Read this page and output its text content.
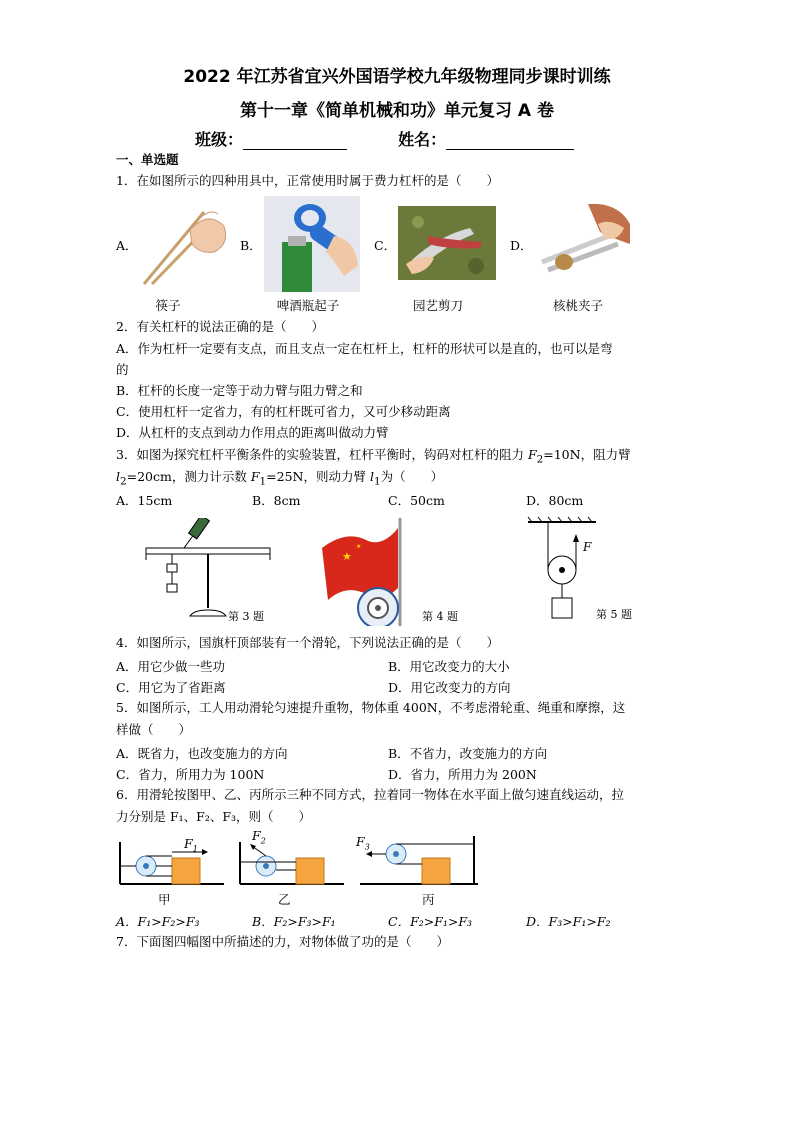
2022 年江苏省宜兴外国语学校九年级物理同步课时训练
第十一章《简单机械和功》单元复习 A 卷
班级：	姓名：
一、单选题
1．在如图所示的四种用具中，正常使用时属于费力杠杆的是（　　）
A．
筷子
B．
啤酒瓶起子
C．
园艺剪刀
D．
核桃夹子
2．有关杠杆的说法正确的是（　　）
A．作为杠杆一定要有支点，而且支点一定在杠杆上，杠杆的形状可以是直的，也可以是弯
的
B．杠杆的长度一定等于动力臂与阻力臂之和
C．使用杠杆一定省力，有的杠杆既可省力，又可少移动距离
D．从杠杆的支点到动力作用点的距离叫做动力臂
3．如图为探究杠杆平衡条件的实验装置，杠杆平衡时，钩码对杠杆的阻力 $F_2=10N$，阻力臂
$l_2=20cm$，测力计示数 $F_1=25N$，则动力臂 $l_1$为（　　）
A．15cm	B．8cm	C．50cm	D．80cm
第 3 题
★
★
第 4 题
F
第 5 题
4．如图所示，国旗杆顶部装有一个滑轮，下列说法正确的是（　　）
A．用它少做一些功	B．用它改变力的大小
C．用它为了省距离	D．用它改变力的方向
5．如图所示，工人用动滑轮匀速提升重物，物体重 400N，不考虑滑轮重、绳重和摩擦，这
样做（　　）
A．既省力，也改变施力的方向	B．不省力，改变施力的方向
C．省力，所用力为 100N	D．省力，所用力为 200N
6．用滑轮按图甲、乙、丙所示三种不同方式，拉着同一物体在水平面上做匀速直线运动，拉
力分别是 F₁、F₂、F₃，则（　　）
$F_1$
甲
$F_2$
乙
$F_3$
丙
A．F₁>F₂>F₃	B．F₂>F₃>F₁	C．F₂>F₁>F₃	D．F₃>F₁>F₂
7．下面图四幅图中所描述的力，对物体做了功的是（　　）
